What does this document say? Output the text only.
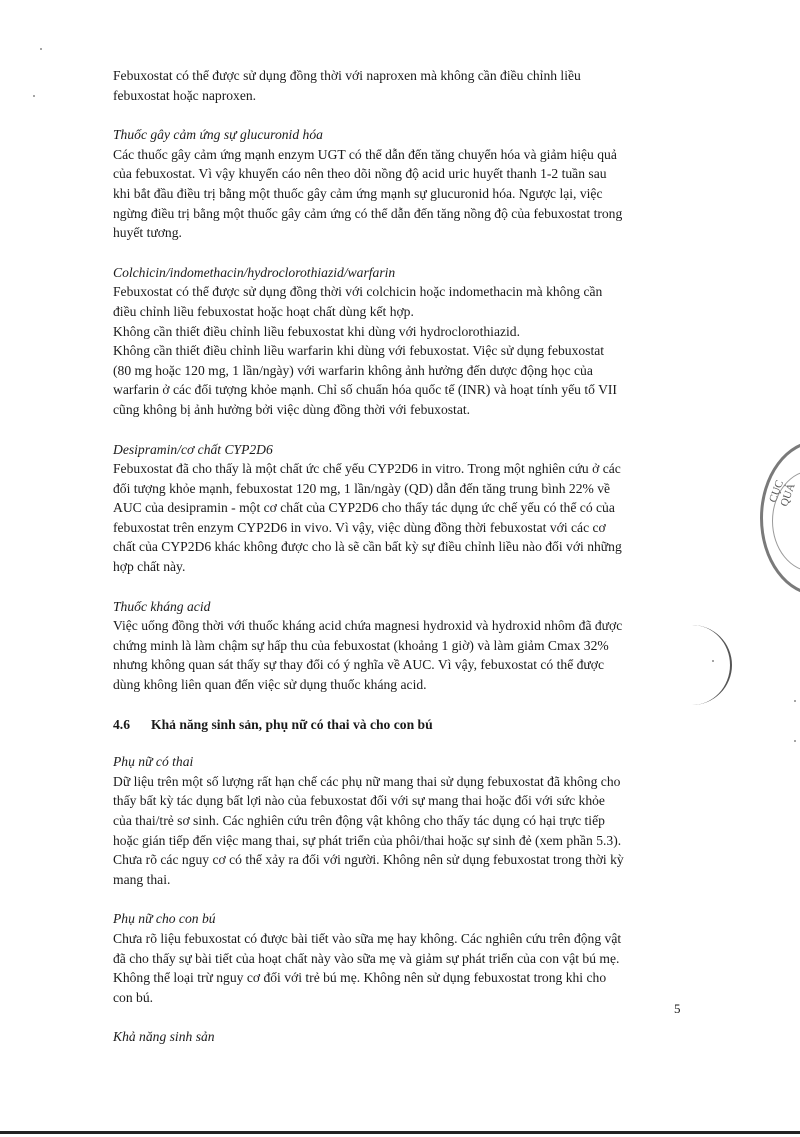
Febuxostat có thể được sử dụng đồng thời với naproxen mà không cần điều chỉnh liều

febuxostat hoặc naproxen.

Thuốc gây cảm ứng sự glucuronid hóa

Các thuốc gây cảm ứng mạnh enzym UGT có thể dẫn đến tăng chuyển hóa và giảm hiệu quả

của febuxostat. Vì vậy khuyến cáo nên theo dõi nồng độ acid uric huyết thanh 1-2 tuần sau

khi bắt đầu điều trị bằng một thuốc gây cảm ứng mạnh sự glucuronid hóa. Ngược lại, việc

ngừng điều trị bằng một thuốc gây cảm ứng có thể dẫn đến tăng nồng độ của febuxostat trong

huyết tương.

Colchicin/indomethacin/hydroclorothiazid/warfarin

Febuxostat có thể được sử dụng đồng thời với colchicin hoặc indomethacin mà không cần

điều chỉnh liều febuxostat hoặc hoạt chất dùng kết hợp.

Không cần thiết điều chỉnh liều febuxostat khi dùng với hydroclorothiazid.

Không cần thiết điều chỉnh liều warfarin khi dùng với febuxostat. Việc sử dụng febuxostat

(80 mg hoặc 120 mg, 1 lần/ngày) với warfarin không ảnh hưởng đến dược động học của

warfarin ở các đối tượng khỏe mạnh. Chỉ số chuẩn hóa quốc tế (INR) và hoạt tính yếu tố VII

cũng không bị ảnh hưởng bởi việc dùng đồng thời với febuxostat.

Desipramin/cơ chất CYP2D6

Febuxostat đã cho thấy là một chất ức chế yếu CYP2D6 in vitro. Trong một nghiên cứu ở các

đối tượng khỏe mạnh, febuxostat 120 mg, 1 lần/ngày (QD) dẫn đến tăng trung bình 22% về

AUC của desipramin - một cơ chất của CYP2D6 cho thấy tác dụng ức chế yếu có thể có của

febuxostat trên enzym CYP2D6 in vivo. Vì vậy, việc dùng đồng thời febuxostat với các cơ

chất của CYP2D6 khác không được cho là sẽ cần bất kỳ sự điều chỉnh liều nào đối với những

hợp chất này.

Thuốc kháng acid

Việc uống đồng thời với thuốc kháng acid chứa magnesi hydroxid và hydroxid nhôm đã được

chứng minh là làm chậm sự hấp thu của febuxostat (khoảng 1 giờ) và làm giảm Cmax 32%

nhưng không quan sát thấy sự thay đổi có ý nghĩa về AUC. Vì vậy, febuxostat có thể được

dùng không liên quan đến việc sử dụng thuốc kháng acid.

4.6 Khả năng sinh sản, phụ nữ có thai và cho con bú

Phụ nữ có thai

Dữ liệu trên một số lượng rất hạn chế các phụ nữ mang thai sử dụng febuxostat đã không cho

thấy bất kỳ tác dụng bất lợi nào của febuxostat đối với sự mang thai hoặc đối với sức khỏe

của thai/trẻ sơ sinh. Các nghiên cứu trên động vật không cho thấy tác dụng có hại trực tiếp

hoặc gián tiếp đến việc mang thai, sự phát triển của phôi/thai hoặc sự sinh đẻ (xem phần 5.3).

Chưa rõ các nguy cơ có thể xảy ra đối với người. Không nên sử dụng febuxostat trong thời kỳ

mang thai.

Phụ nữ cho con bú

Chưa rõ liệu febuxostat có được bài tiết vào sữa mẹ hay không. Các nghiên cứu trên động vật

đã cho thấy sự bài tiết của hoạt chất này vào sữa mẹ và giảm sự phát triển của con vật bú mẹ.

Không thể loại trừ nguy cơ đối với trẻ bú mẹ. Không nên sử dụng febuxostat trong khi cho

con bú.

Khả năng sinh sản

5
CỤC QUẢ
